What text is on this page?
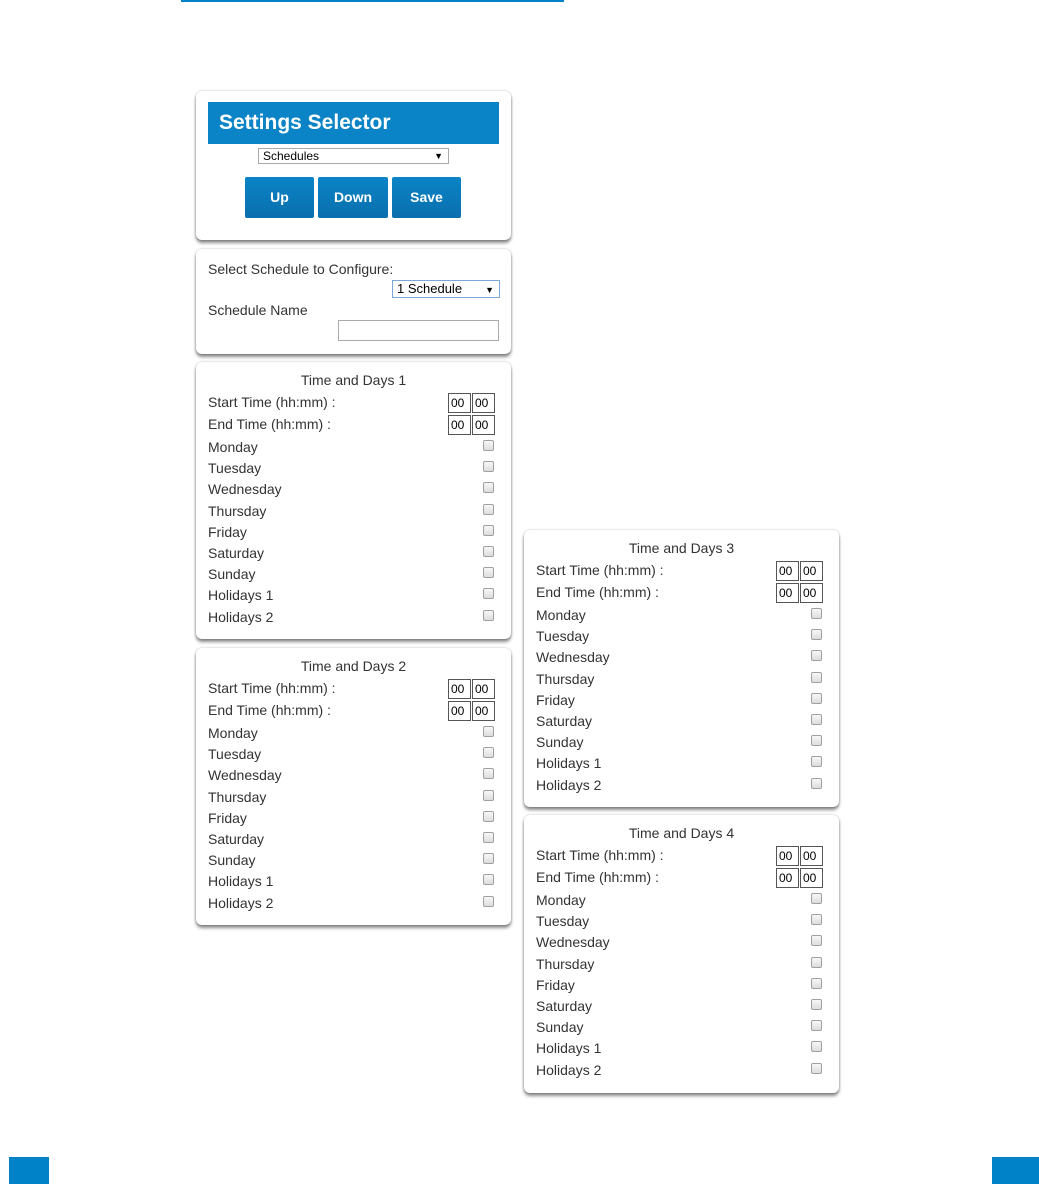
Settings Selector
Schedules	▼
Up	Down	Save
Select Schedule to Configure:
1 Schedule	▼
Schedule Name
Time and Days 1
Start Time (hh:mm) :	00 00
End Time (hh:mm) :	00 00
Monday
Tuesday
Wednesday
Thursday
Friday
Saturday
Sunday
Holidays 1
Holidays 2
Time and Days 2
Start Time (hh:mm) :	00 00
End Time (hh:mm) :	00 00
Monday
Tuesday
Wednesday
Thursday
Friday
Saturday
Sunday
Holidays 1
Holidays 2
Time and Days 3
Start Time (hh:mm) :	00 00
End Time (hh:mm) :	00 00
Monday
Tuesday
Wednesday
Thursday
Friday
Saturday
Sunday
Holidays 1
Holidays 2
Time and Days 4
Start Time (hh:mm) :	00 00
End Time (hh:mm) :	00 00
Monday
Tuesday
Wednesday
Thursday
Friday
Saturday
Sunday
Holidays 1
Holidays 2
